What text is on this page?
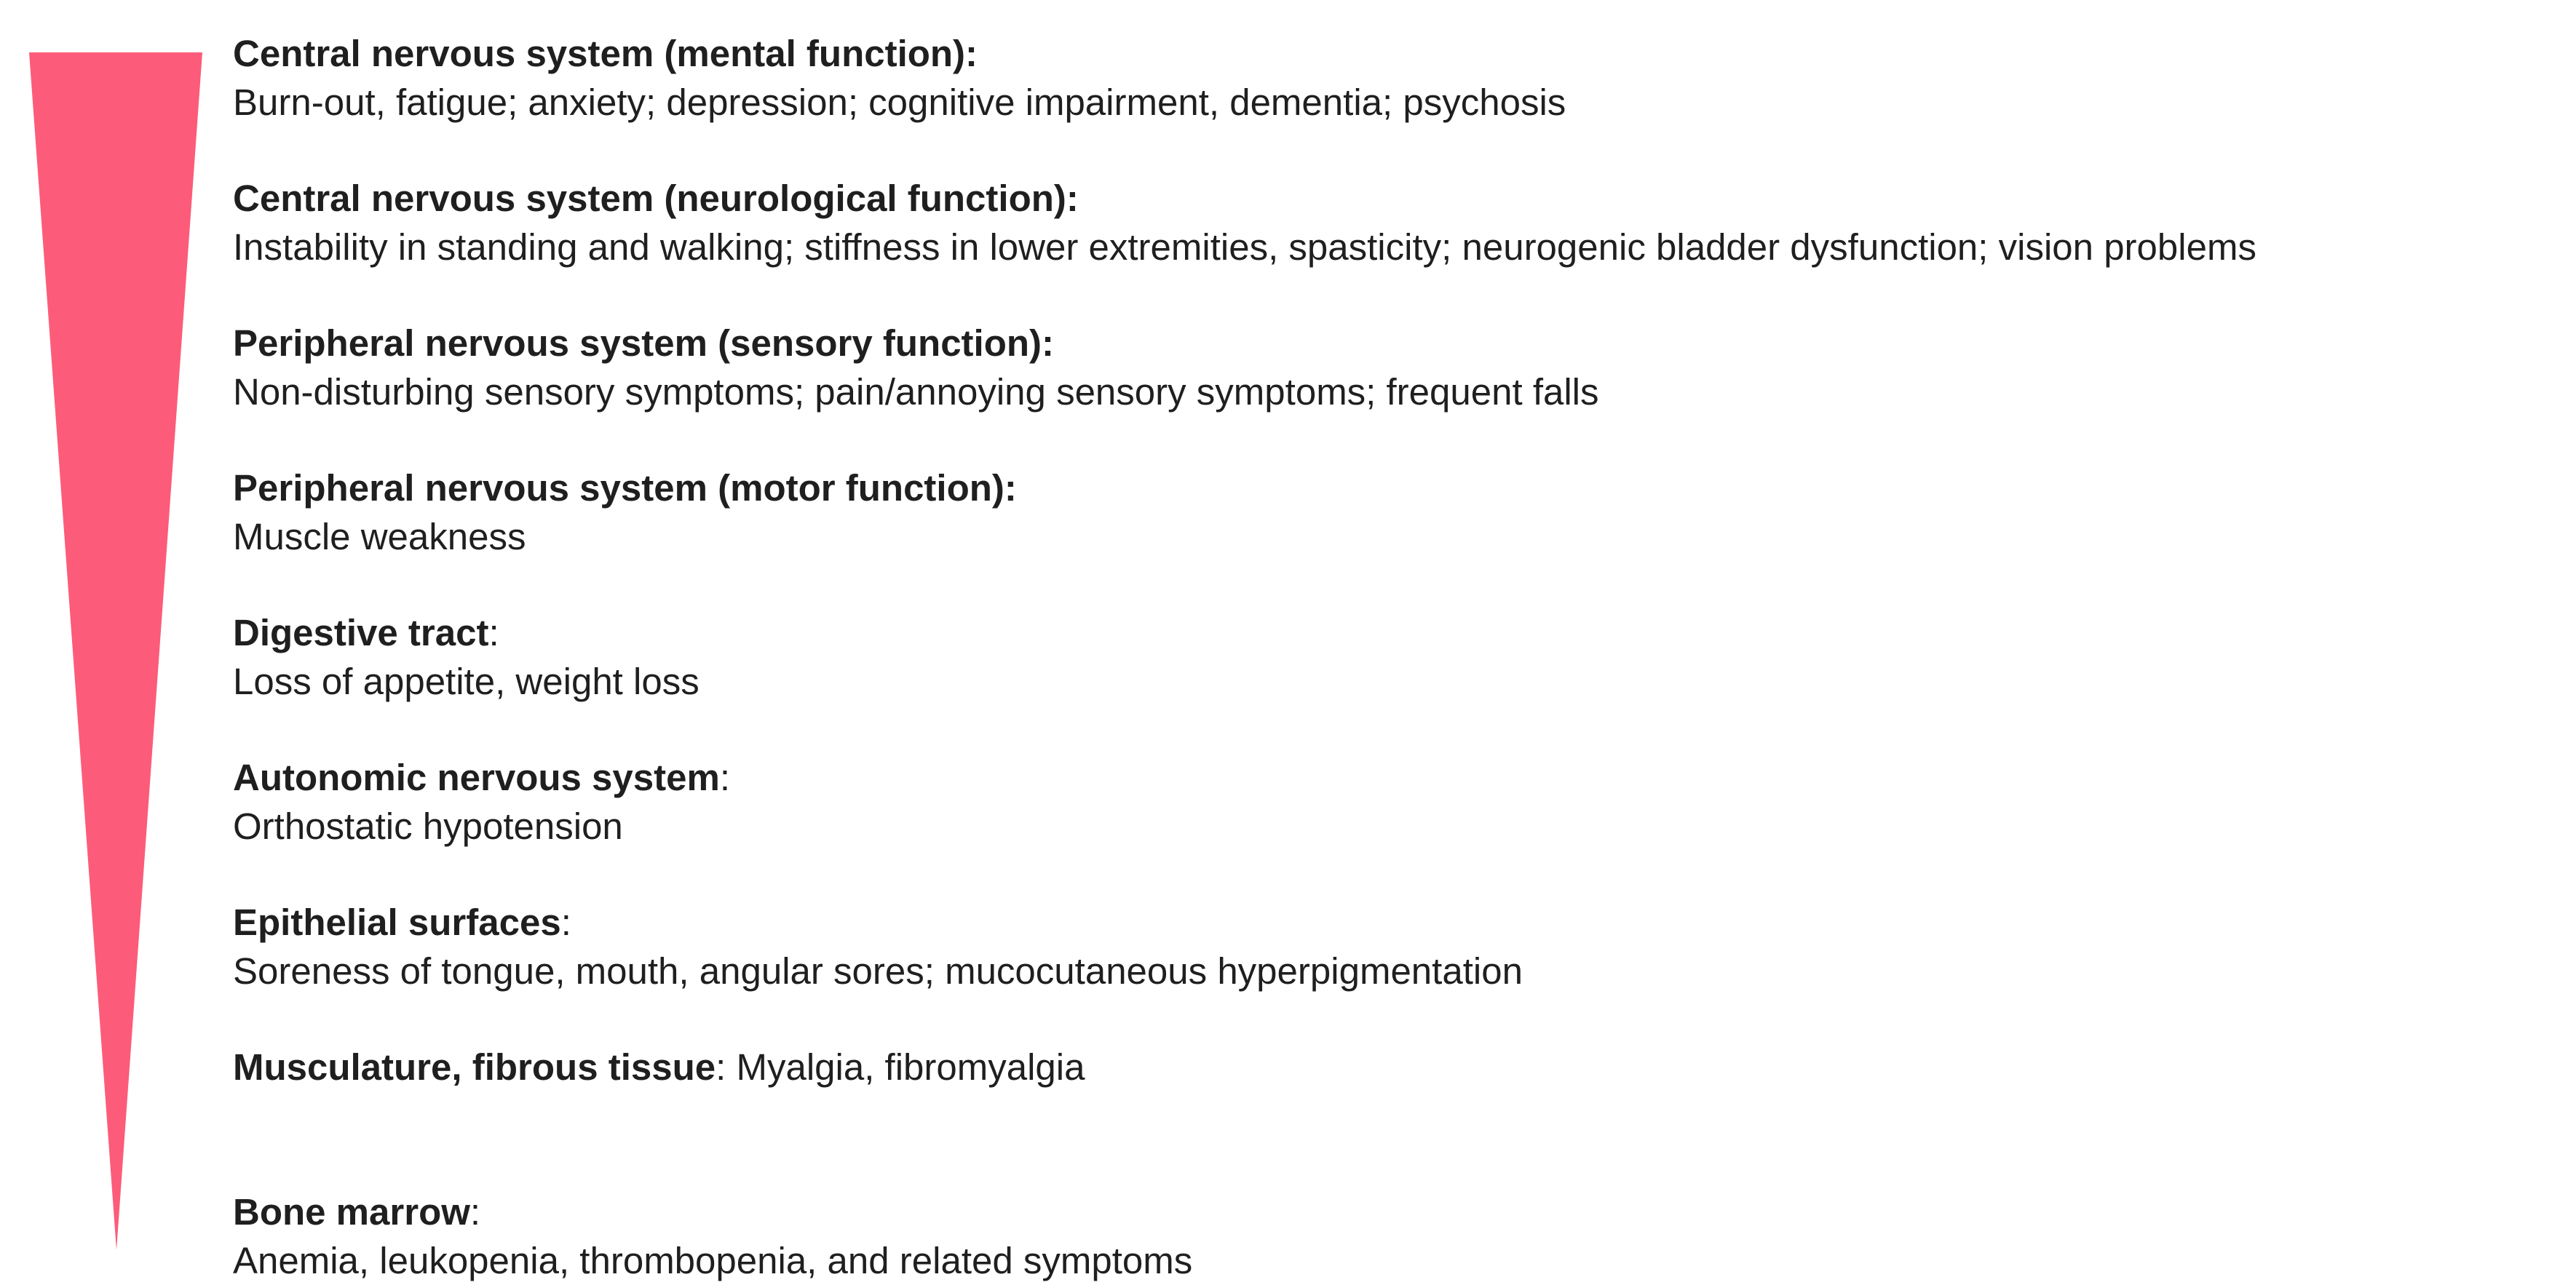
Central nervous system (mental function):
Burn-out, fatigue; anxiety; depression; cognitive impairment, dementia; psychosis
Central nervous system (neurological function):
Instability in standing and walking; stiffness in lower extremities, spasticity; neurogenic bladder dysfunction; vision problems
Peripheral nervous system (sensory function):
Non-disturbing sensory symptoms; pain/annoying sensory symptoms; frequent falls
Peripheral nervous system (motor function):
Muscle weakness
Digestive tract:
Loss of appetite, weight loss
Autonomic nervous system:
Orthostatic hypotension
Epithelial surfaces:
Soreness of tongue, mouth, angular sores; mucocutaneous hyperpigmentation
Musculature, fibrous tissue: Myalgia, fibromyalgia
Bone marrow:
Anemia, leukopenia, thrombopenia, and related symptoms
